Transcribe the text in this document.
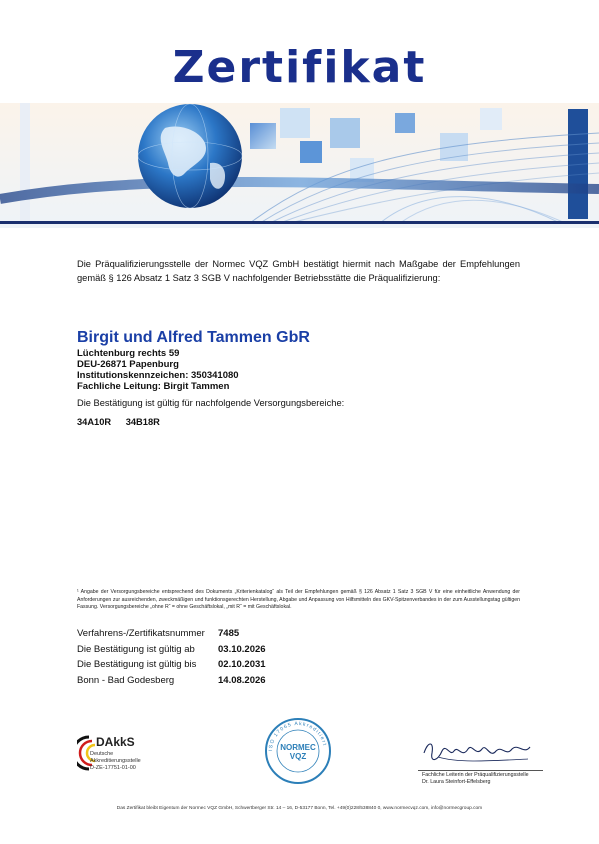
Zertifikat
Die Präqualifizierungsstelle der Normec VQZ GmbH bestätigt hiermit nach Maßgabe der Empfehlungen gemäß § 126 Absatz 1 Satz 3 SGB V nachfolgender Betriebsstätte die Präqualifizierung:
Birgit und Alfred Tammen GbR
Lüchtenburg rechts 59
DEU-26871 Papenburg
Institutionskennzeichen: 350341080
Fachliche Leitung: Birgit Tammen
Die Bestätigung ist gültig für nachfolgende Versorgungsbereiche:
34A10R 34B18R
¹ Angabe der Versorgungsbereiche entsprechend des Dokuments „Kriterienkatalog“ als Teil der Empfehlungen gemäß § 126 Absatz 1 Satz 3 SGB V für eine einheitliche Anwendung der Anforderungen zur ausreichenden, zweckmäßigen und funktionsgerechten Herstellung, Abgabe und Anpassung von Hilfsmitteln des GKV-Spitzenverbandes in der zum Ausstellungstag gültigen Fassung. Versorgungsbereiche „ohne R“ = ohne Geschäftslokal, „mit R“ = mit Geschäftslokal.
Verfahrens-/Zertifikatsnummer	7485
Die Bestätigung ist gültig ab	03.10.2026
Die Bestätigung ist gültig bis	02.10.2031
Bonn - Bad Godesberg	14.08.2026
DAkkS
Deutsche
Akkreditierungsstelle
D-ZE-17751-01-00
ISO 17065 Akkreditiert
NORMEC
VQZ
Fachliche Leiterin der Präqualifizierungsstelle
Dr. Laura Steinfort-Effelsberg
Das Zertifikat bleibt Eigentum der Normec VQZ GmbH, Schwertberger Str. 14 – 16, D-53177 Bonn, Tel. +49(0)228/538840 0, www.normecvqz.com, info@normecgroup.com
